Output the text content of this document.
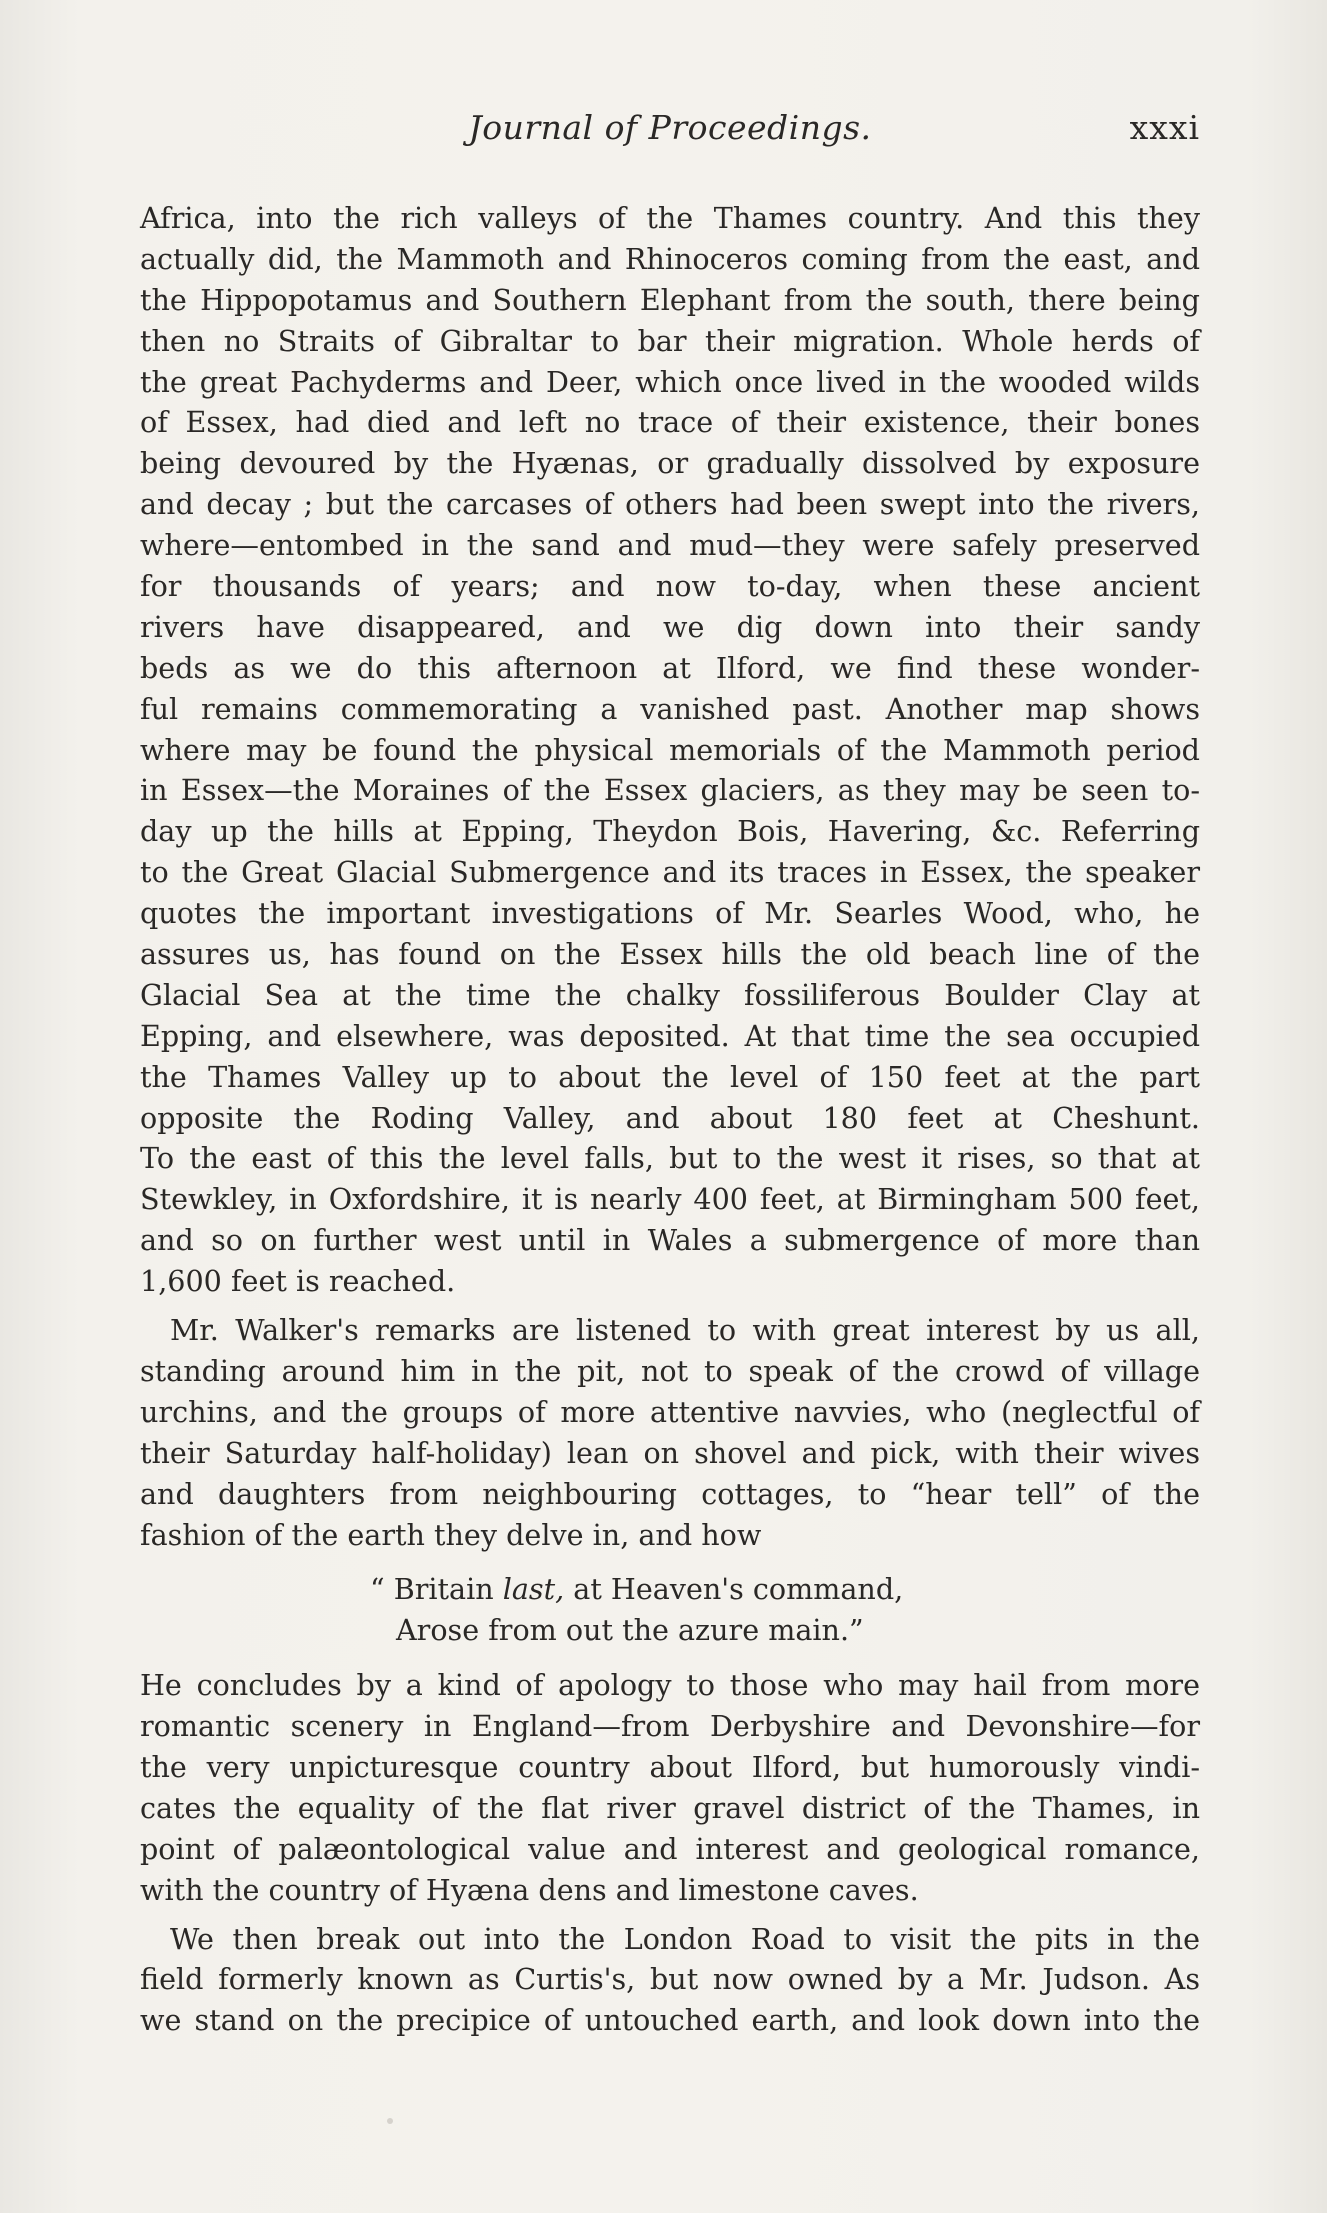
Journal of Proceedings.	xxxi
Africa, into the rich valleys of the Thames country. And this they
actually did, the Mammoth and Rhinoceros coming from the east, and
the Hippopotamus and Southern Elephant from the south, there being
then no Straits of Gibraltar to bar their migration. Whole herds of
the great Pachyderms and Deer, which once lived in the wooded wilds
of Essex, had died and left no trace of their existence, their bones
being devoured by the Hyænas, or gradually dissolved by exposure
and decay ; but the carcases of others had been swept into the rivers,
where—entombed in the sand and mud—they were safely preserved
for thousands of years; and now to-day, when these ancient
rivers have disappeared, and we dig down into their sandy
beds as we do this afternoon at Ilford, we find these wonder-
ful remains commemorating a vanished past. Another map shows
where may be found the physical memorials of the Mammoth period
in Essex—the Moraines of the Essex glaciers, as they may be seen to-
day up the hills at Epping, Theydon Bois, Havering, &c. Referring
to the Great Glacial Submergence and its traces in Essex, the speaker
quotes the important investigations of Mr. Searles Wood, who, he
assures us, has found on the Essex hills the old beach line of the
Glacial Sea at the time the chalky fossiliferous Boulder Clay at
Epping, and elsewhere, was deposited. At that time the sea occupied
the Thames Valley up to about the level of 150 feet at the part
opposite the Roding Valley, and about 180 feet at Cheshunt.
To the east of this the level falls, but to the west it rises, so that at
Stewkley, in Oxfordshire, it is nearly 400 feet, at Birmingham 500 feet,
and so on further west until in Wales a submergence of more than
1,600 feet is reached.
Mr. Walker's remarks are listened to with great interest by us all,
standing around him in the pit, not to speak of the crowd of village
urchins, and the groups of more attentive navvies, who (neglectful of
their Saturday half-holiday) lean on shovel and pick, with their wives
and daughters from neighbouring cottages, to “hear tell” of the
fashion of the earth they delve in, and how
“ Britain last, at Heaven's command,
Arose from out the azure main.”
He concludes by a kind of apology to those who may hail from more
romantic scenery in England—from Derbyshire and Devonshire—for
the very unpicturesque country about Ilford, but humorously vindi-
cates the equality of the flat river gravel district of the Thames, in
point of palæontological value and interest and geological romance,
with the country of Hyæna dens and limestone caves.
We then break out into the London Road to visit the pits in the
field formerly known as Curtis's, but now owned by a Mr. Judson. As
we stand on the precipice of untouched earth, and look down into the
